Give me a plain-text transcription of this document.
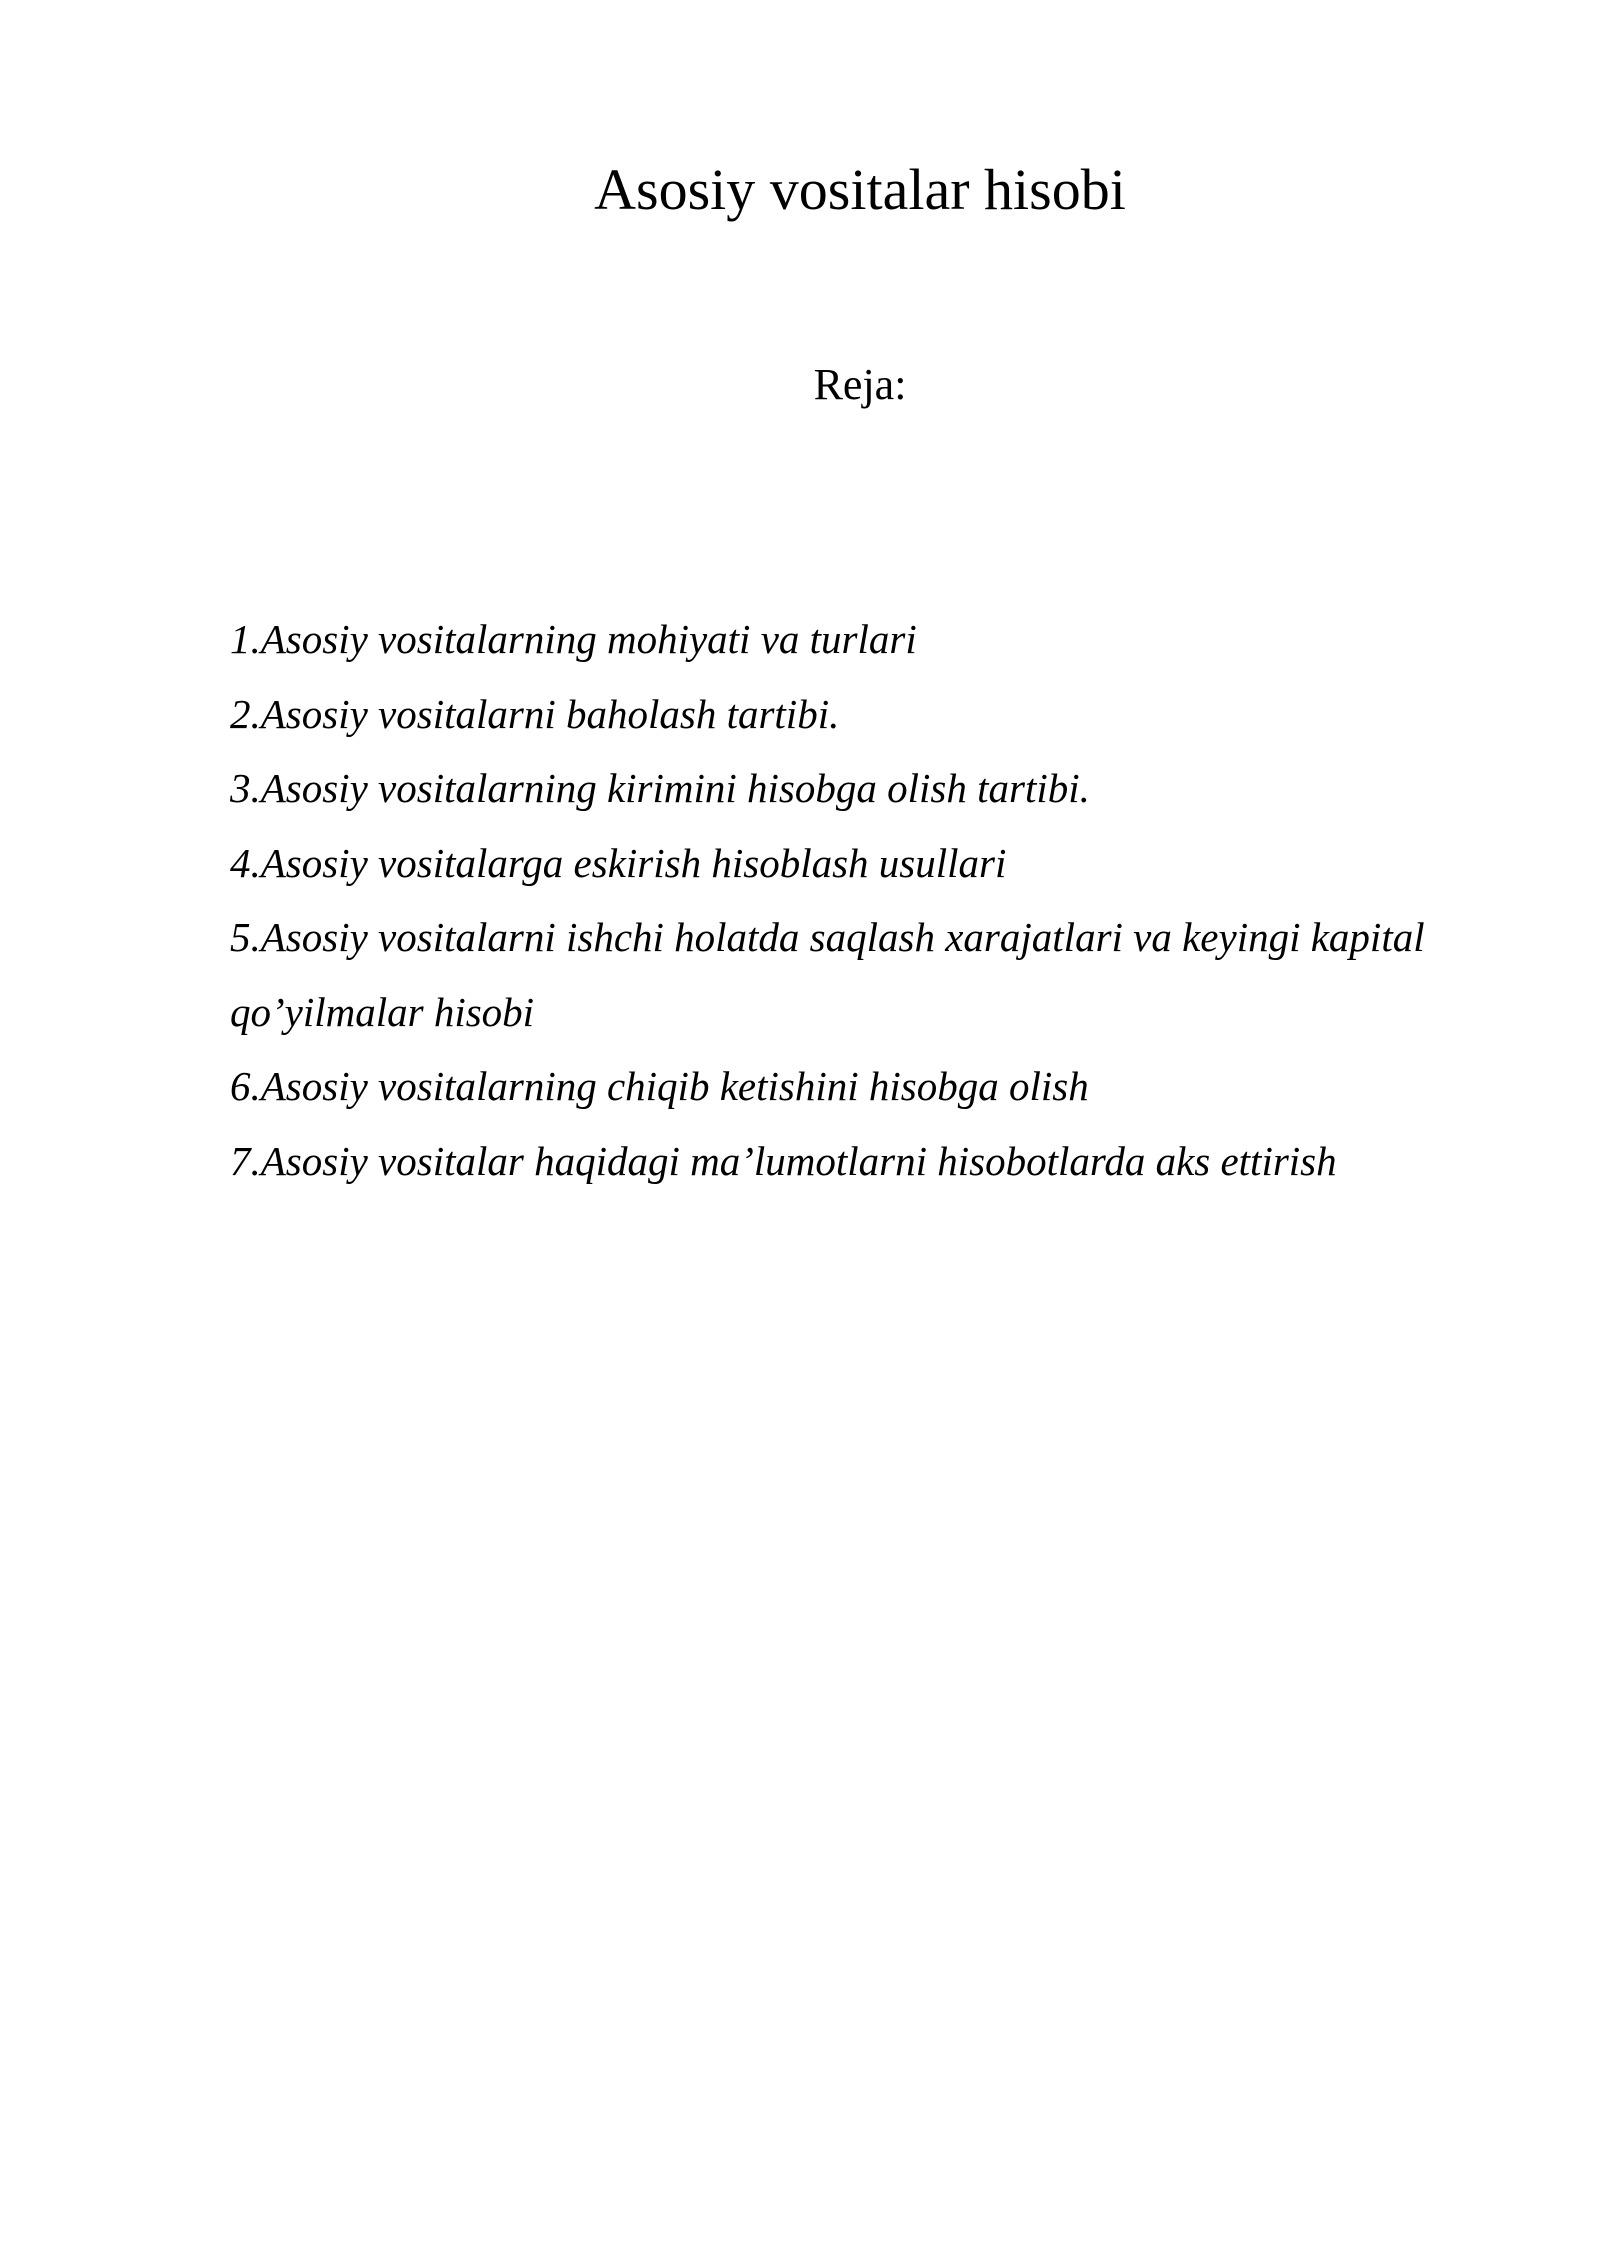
Asosiy vositalar hisobi
Reja:
1.Asosiy vositalarning mohiyati va turlari
2.Asosiy vositalarni baholash tartibi.
3.Asosiy vositalarning kirimini hisobga olish tartibi.
4.Asosiy vositalarga eskirish hisoblash usullari
5.Asosiy vositalarni ishchi holatda saqlash xarajatlari va keyingi kapital qo’yilmalar hisobi
6.Asosiy vositalarning chiqib ketishini hisobga olish
7.Asosiy vositalar haqidagi ma’lumotlarni hisobotlarda aks ettirish
